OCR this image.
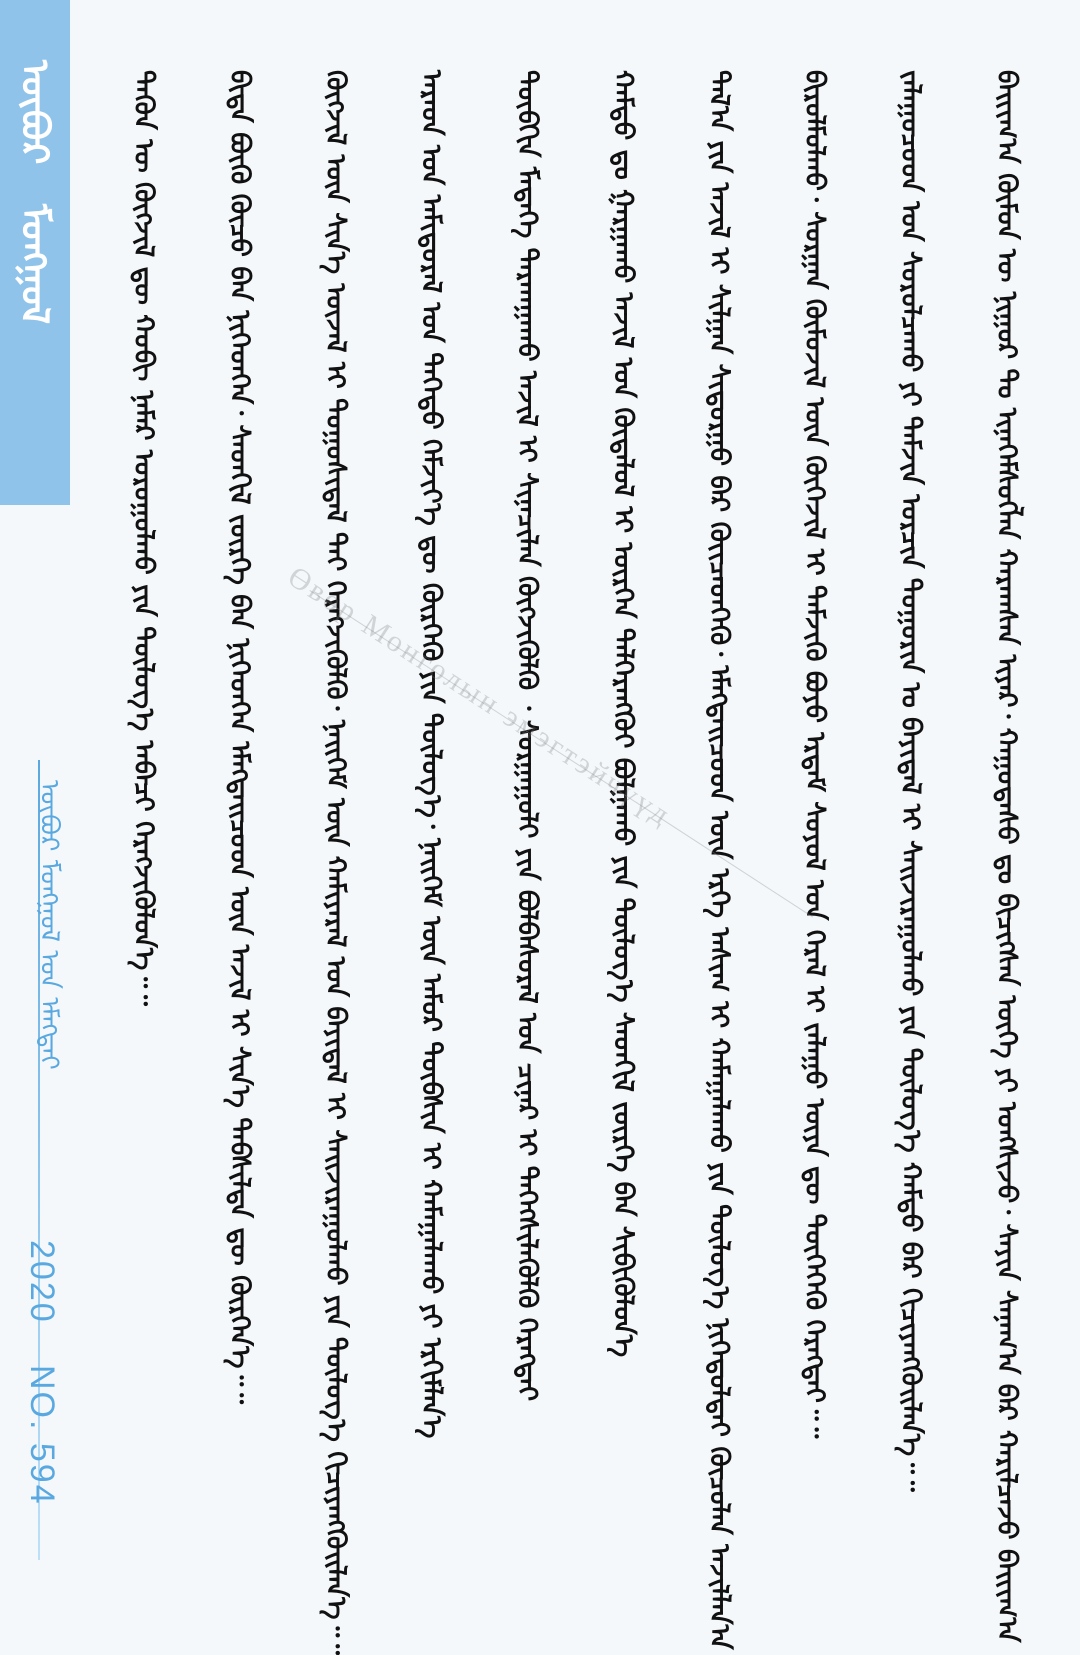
ᠥᠪᠥᠷ
ᠮᠣᠩᠭᠣᠯ
ᠥᠪᠥᠷ ᠮᠣᠩᠭᠣᠯ ᠤᠨ ᠡᠮᠡᠭᠳᠡᠢ
2020 NO. 594	ᠪᠠᠢᠢᠭ᠎ᠠ ᠬᠦᠮᠦᠨ ᠦ ᠨᠢᠭᠤᠷ ᠲᠤ ᠢᠨᠡᠭᠡᠮᠰᠦᠭᠯᠡᠨ ᠬᠠᠷᠠᠭᠰᠠᠨ ᠢᠶᠡᠷ᠂ ᠬᠠᠭᠤᠳᠠᠰᠤ ᠳᠤ ᠪᠢᠴᠢᠭᠰᠡᠨ ᠦᠭᠡ ᠶᠢ ᠤᠩᠰᠢᠵᠤ᠂ ᠰᠠᠶᠢᠨ ᠰᠠᠨᠠᠭ᠎ᠠ ᠪᠡᠷ ᠬᠠᠷᠢᠯᠴᠠᠵᠤ ᠪᠠᠢᠢᠭ᠎ᠠ
ᠵᠠᠯᠠᠭᠤᠴᠤᠳ ᠤᠨ ᠰᠤᠷᠤᠯᠴᠠᠬᠤ ᠶᠢ ᠳᠡᠮᠵᠢᠨ ᠣᠷᠴᠢᠨ ᠲᠣᠭᠣᠷᠢᠨ ᠤ ᠪᠠᠶᠢᠳᠠᠯ ᠢ ᠰᠠᠢᠵᠢᠷᠠᠭᠤᠯᠬᠤ ᠶᠢᠨ ᠲᠥᠯᠥᠭ᠎ᠡ ᠬᠠᠮᠲᠤ ᠪᠡᠷ ᠬᠢᠴᠢᠶᠡᠩᠭᠦᠢᠯᠡᠨ᠎ᠡ᠃᠃
ᠪᠢᠷᠤᠯᠮᠤᠯᠬᠤ᠂ ᠰᠤᠷᠭᠠᠨ ᠬᠦᠮᠦᠵᠢᠯ ᠦᠨ ᠬᠥᠬᠡᠵᠢᠯ ᠢ ᠳᠡᠮᠵᠢᠬᠦ ᠪᠤᠶᠤ ᠡᠷᠳᠡᠮ ᠰᠤᠶᠤᠯ ᠤᠨ ᠭᠡᠷᠡᠯ ᠢ ᠵᠠᠯᠠᠭᠤ ᠦᠶᠡ ᠳᠦ ᠲᠦᠭᠡᠭᠡᠬᠦ ᠬᠡᠷᠡᠭᠲᠡᠢ᠃᠃
ᠲᠠᠯ᠎ᠠ ᠶᠢᠨ ᠠᠵᠢᠯ ᠢ ᠰᠢᠯᠭᠠᠨ ᠰᠢᠳᠤᠷᠭᠤ ᠪᠡᠷ ᠭᠦᠢᠴᠡᠳᠬᠡᠬᠦ᠂ ᠡᠮᠡᠭᠲᠡᠢᠴᠦᠳ ᠦᠨ ᠡᠷᠬᠡ ᠠᠰᠢᠭ ᠢ ᠬᠠᠮᠠᠭᠠᠯᠠᠬᠤ ᠶᠢᠨ ᠲᠥᠯᠥᠭ᠎ᠡ ᠨᠢᠭᠡᠳᠦᠯᠲᠡᠢ ᠬᠦᠴᠦᠯᠡᠨ ᠠᠵᠢᠯᠯᠠᠨ᠎ᠠ
ᠬᠠᠮᠲᠤ ᠳᠤ ᠭᠠᠷᠭᠠᠬᠤ ᠠᠵᠢᠯ ᠤᠨ ᠬᠦᠳᠡᠯᠦᠯ ᠢ ᠥᠷᠭᠡᠨ ᠳᠡᠯᠭᠡᠷᠡᠩᠭᠦᠢ ᠪᠣᠯᠭᠠᠬᠤ ᠶᠢᠨ ᠲᠥᠯᠥᠭ᠎ᠡ ᠰᠡᠳᠭᠢᠯ ᠵᠦᠷᠬᠡ ᠪᠡᠨ ᠰᠢᠪᠢᠭᠦᠯᠦᠨ᠎ᠡ
ᠲᠦᠪᠬᠢᠨ ᠮᠡᠳᠡᠭᠡ ᠲᠠᠷᠬᠠᠭᠠᠬᠤ ᠠᠵᠢᠯ ᠢ ᠰᠢᠨᠡᠴᠢᠯᠡᠨ ᠬᠥᠭᠵᠢᠭᠦᠯᠬᠦ ᠂ ᠰᠤᠷᠭᠠᠭᠤᠯᠢ ᠶᠢᠨ ᠪᠣᠯᠪᠠᠰᠤᠷᠠᠯ ᠤᠨ ᠴᠢᠨᠠᠷ ᠢ ᠳᠡᠭᠡᠭᠰᠢᠯᠡᠭᠦᠯᠬᠦ ᠬᠡᠷᠡᠭᠲᠡᠢ
ᠠᠷᠠᠳ ᠤᠨ ᠠᠮᠢᠳᠤᠷᠠᠯ ᠤᠨ ᠳᠡᠭᠡᠳᠦ ᠬᠡᠮᠵᠢᠶ᠎ᠡ ᠳᠦ ᠬᠦᠷᠭᠡᠬᠦ ᠶᠢᠨ ᠲᠥᠯᠥᠭ᠎ᠡ᠂ ᠨᠡᠢᠭᠡᠮ ᠦᠨ ᠠᠮᠤᠷ ᠲᠦᠪᠰᠢᠨ ᠢ ᠬᠠᠮᠠᠭᠠᠯᠠᠬᠤ ᠶᠢ ᠡᠷᠬᠢᠮᠯᠡᠨ᠎ᠡ
ᠬᠥᠭᠵᠢᠯ ᠦᠨ ᠰᠢᠨ᠎ᠡ ᠦᠵᠡᠯ ᠢ ᠲᠤᠭᠤᠰᠢᠳᠠᠯ ᠲᠠᠢ ᠬᠡᠷᠡᠭᠵᠢᠭᠦᠯᠬᠦ᠂ ᠨᠡᠢᠭᠡᠮ ᠦᠨ ᠬᠠᠮᠢᠶᠠᠷᠠᠯ ᠤᠨ ᠪᠠᠶᠢᠳᠠᠯ ᠢ ᠰᠠᠢᠵᠢᠷᠠᠭᠤᠯᠬᠤ ᠶᠢᠨ ᠲᠥᠯᠥᠭ᠎ᠡ ᠬᠢᠴᠢᠶᠡᠩᠭᠦᠢᠯᠡᠨ᠎ᠡ᠃᠃
ᠪᠢᠳᠡ ᠪᠦᠬᠦ ᠬᠦᠴᠦ ᠪᠡᠨ ᠨᠢᠭᠡᠳᠬᠡᠨ᠂ ᠰᠡᠳᠬᠢᠯ ᠵᠦᠷᠬᠡ ᠪᠡᠨ ᠨᠢᠭᠡᠳᠬᠡᠨ ᠡᠮᠡᠭᠲᠡᠢᠴᠦᠳ ᠦᠨ ᠠᠵᠢᠯ ᠢ ᠰᠢᠨ᠎ᠡ ᠳᠡᠪᠰᠢᠯᠲᠡ ᠳᠦ ᠬᠦᠷᠭᠡᠨ᠎ᠡ᠃᠃
ᠲᠡᠭᠦᠨ ᠦ ᠬᠥᠭᠵᠢᠯ ᠳᠦ ᠬᠤᠪᠢ ᠨᠡᠮᠡᠷ ᠣᠷᠤᠭᠤᠯᠬᠤ ᠶᠢᠨ ᠲᠥᠯᠥᠭ᠎ᠡ ᠠᠪᠠᠴᠢ ᠬᠡᠷᠡᠭᠵᠢᠭᠦᠯᠦᠨ᠎ᠡ᠃᠃	Өвөр Монголын эмэгтэйчүүд
